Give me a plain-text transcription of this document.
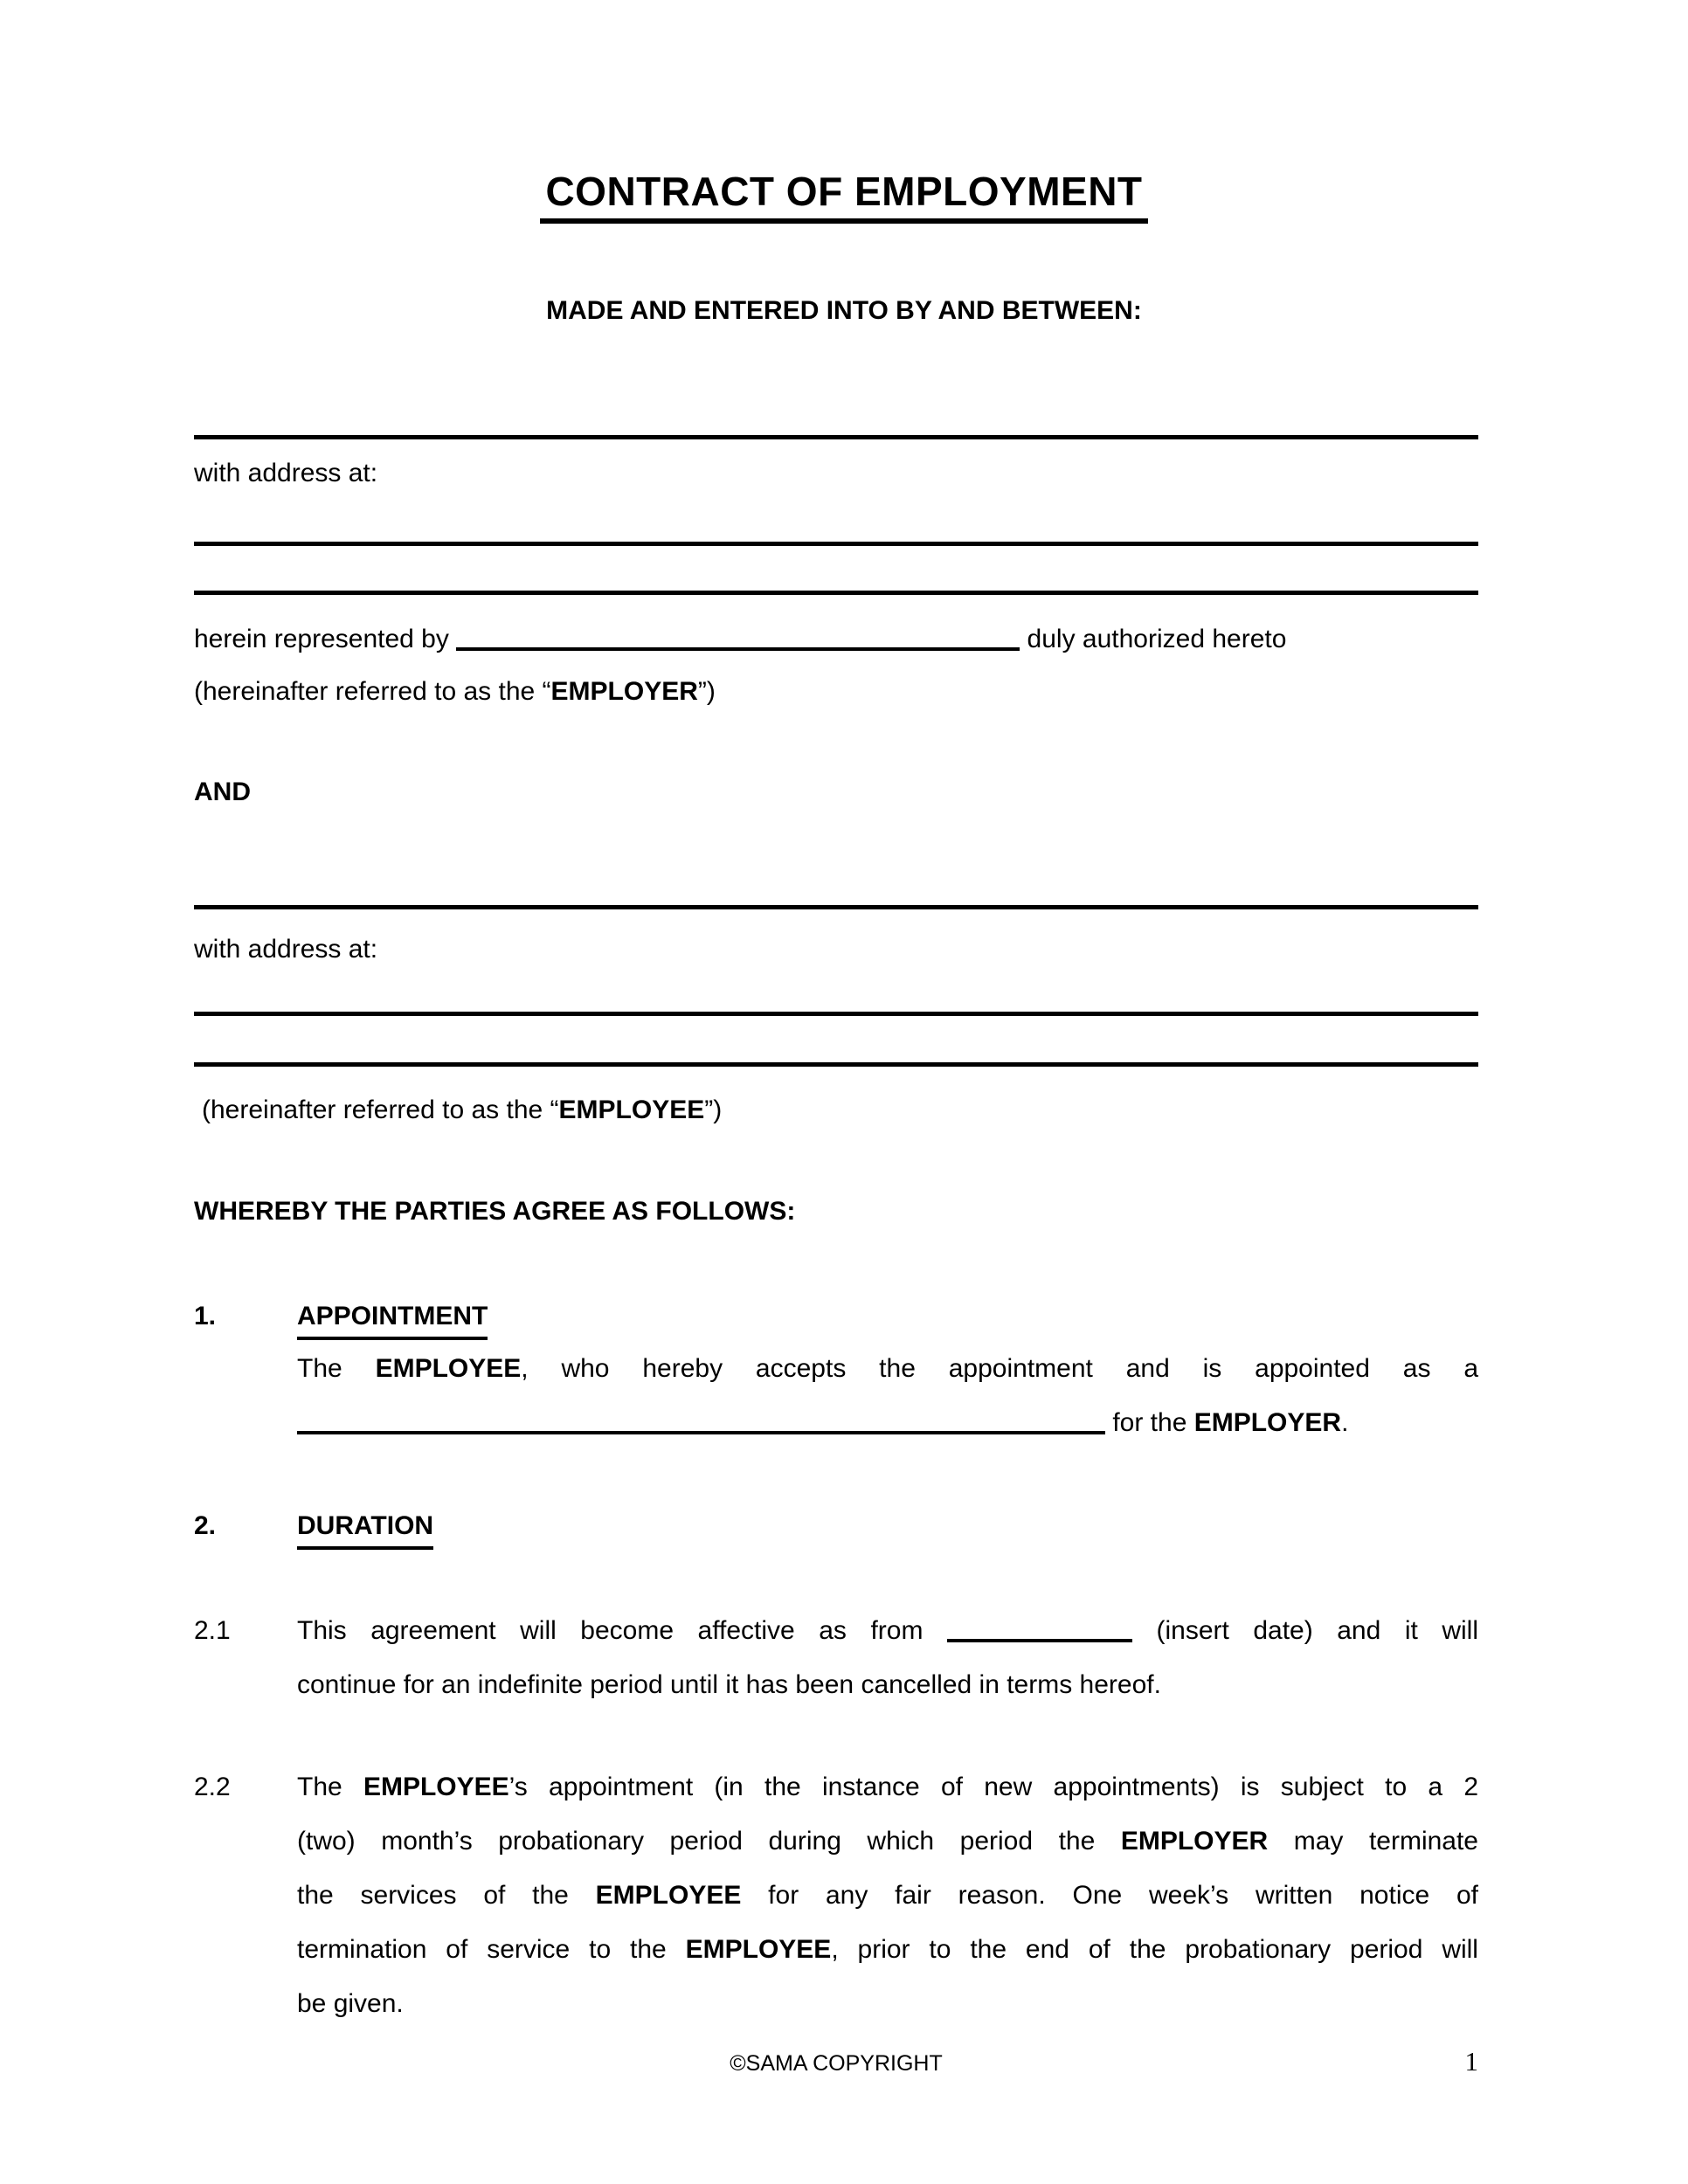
CONTRACT OF EMPLOYMENT
MADE AND ENTERED INTO BY AND BETWEEN:
with address at:
herein represented by	duly authorized hereto
(hereinafter referred to as the “EMPLOYER”)
AND
with address at:
(hereinafter referred to as the “EMPLOYEE”)
WHEREBY THE PARTIES AGREE AS FOLLOWS:
1.	APPOINTMENT
The EMPLOYEE, who hereby accepts the appointment and is appointed as a
for the EMPLOYER.
2.	DURATION
2.1	This agreement will become affective as from	(insert date) and it will
continue for an indefinite period until it has been cancelled in terms hereof.
2.2	The EMPLOYEE’s appointment (in the instance of new appointments) is subject to a 2
(two) month’s probationary period during which period the EMPLOYER may terminate
the services of the EMPLOYEE for any fair reason. One week’s written notice of
termination of service to the EMPLOYEE, prior to the end of the probationary period will
be given.
©SAMA COPYRIGHT	1
